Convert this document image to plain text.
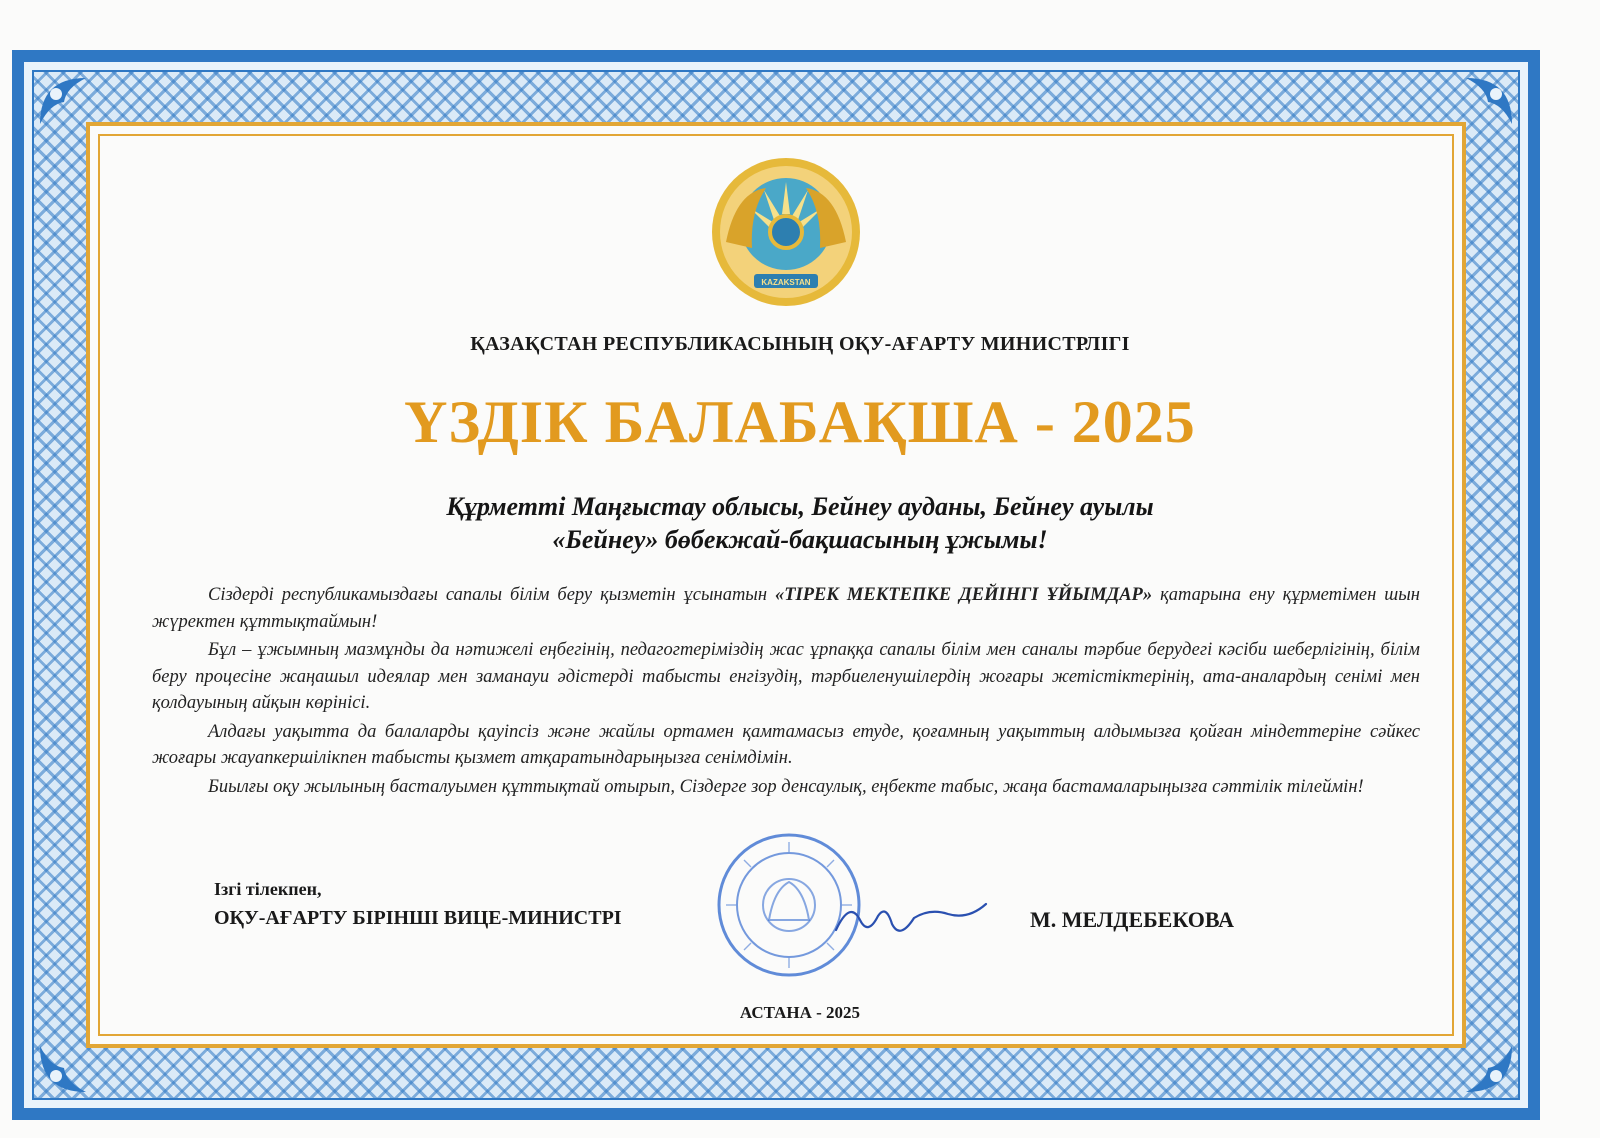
KAZAKSTAN
ҚАЗАҚСТАН РЕСПУБЛИКАСЫНЫҢ ОҚУ-АҒАРТУ МИНИСТРЛІГІ
ҮЗДІК БАЛАБАҚША - 2025
Құрметті Маңғыстау облысы, Бейнеу ауданы, Бейнеу ауылы
«Бейнеу» бөбекжай-бақшасының ұжымы!

Сіздерді республикамыздағы сапалы білім беру қызметін ұсынатын «ТІРЕК МЕКТЕПКЕ ДЕЙІНГІ ҰЙЫМДАР» қатарына ену құрметімен шын жүректен құттықтаймын!

Бұл – ұжымның мазмұнды да нәтижелі еңбегінің, педагогтеріміздің жас ұрпаққа сапалы білім мен саналы тәрбие берудегі кәсіби шеберлігінің, білім беру процесіне жаңашыл идеялар мен заманауи әдістерді табысты енгізудің, тәрбиеленушілердің жоғары жетістіктерінің, ата-аналардың сенімі мен қолдауының айқын көрінісі.

Алдағы уақытта да балаларды қауіпсіз және жайлы ортамен қамтамасыз етуде, қоғамның уақыттың алдымызға қойған міндеттеріне сәйкес жоғары жауапкершілікпен табысты қызмет атқаратындарыңызға сенімдімін.

Биылғы оқу жылының басталуымен құттықтай отырып, Сіздерге зор денсаулық, еңбекте табыс, жаңа бастамаларыңызға сәттілік тілеймін!

Ізгі тілекпен,
ОҚУ-АҒАРТУ БІРІНШІ ВИЦЕ-МИНИСТРІ	М. МЕЛДЕБЕКОВА
АСТАНА - 2025
